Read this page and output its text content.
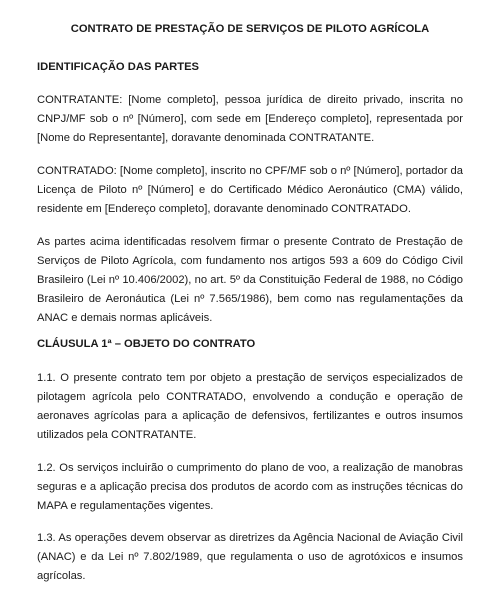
CONTRATO DE PRESTAÇÃO DE SERVIÇOS DE PILOTO AGRÍCOLA

IDENTIFICAÇÃO DAS PARTES

CONTRATANTE: [Nome completo], pessoa jurídica de direito privado, inscrita no CNPJ/MF sob o nº [Número], com sede em [Endereço completo], representada por [Nome do Representante], doravante denominada CONTRATANTE.

CONTRATADO: [Nome completo], inscrito no CPF/MF sob o nº [Número], portador da Licença de Piloto nº [Número] e do Certificado Médico Aeronáutico (CMA) válido, residente em [Endereço completo], doravante denominado CONTRATADO.

As partes acima identificadas resolvem firmar o presente Contrato de Prestação de Serviços de Piloto Agrícola, com fundamento nos artigos 593 a 609 do Código Civil Brasileiro (Lei nº 10.406/2002), no art. 5º da Constituição Federal de 1988, no Código Brasileiro de Aeronáutica (Lei nº 7.565/1986), bem como nas regulamentações da ANAC e demais normas aplicáveis.

CLÁUSULA 1ª – OBJETO DO CONTRATO

1.1. O presente contrato tem por objeto a prestação de serviços especializados de pilotagem agrícola pelo CONTRATADO, envolvendo a condução e operação de aeronaves agrícolas para a aplicação de defensivos, fertilizantes e outros insumos utilizados pela CONTRATANTE.

1.2. Os serviços incluirão o cumprimento do plano de voo, a realização de manobras seguras e a aplicação precisa dos produtos de acordo com as instruções técnicas do MAPA e regulamentações vigentes.

1.3. As operações devem observar as diretrizes da Agência Nacional de Aviação Civil (ANAC) e da Lei nº 7.802/1989, que regulamenta o uso de agrotóxicos e insumos agrícolas.
